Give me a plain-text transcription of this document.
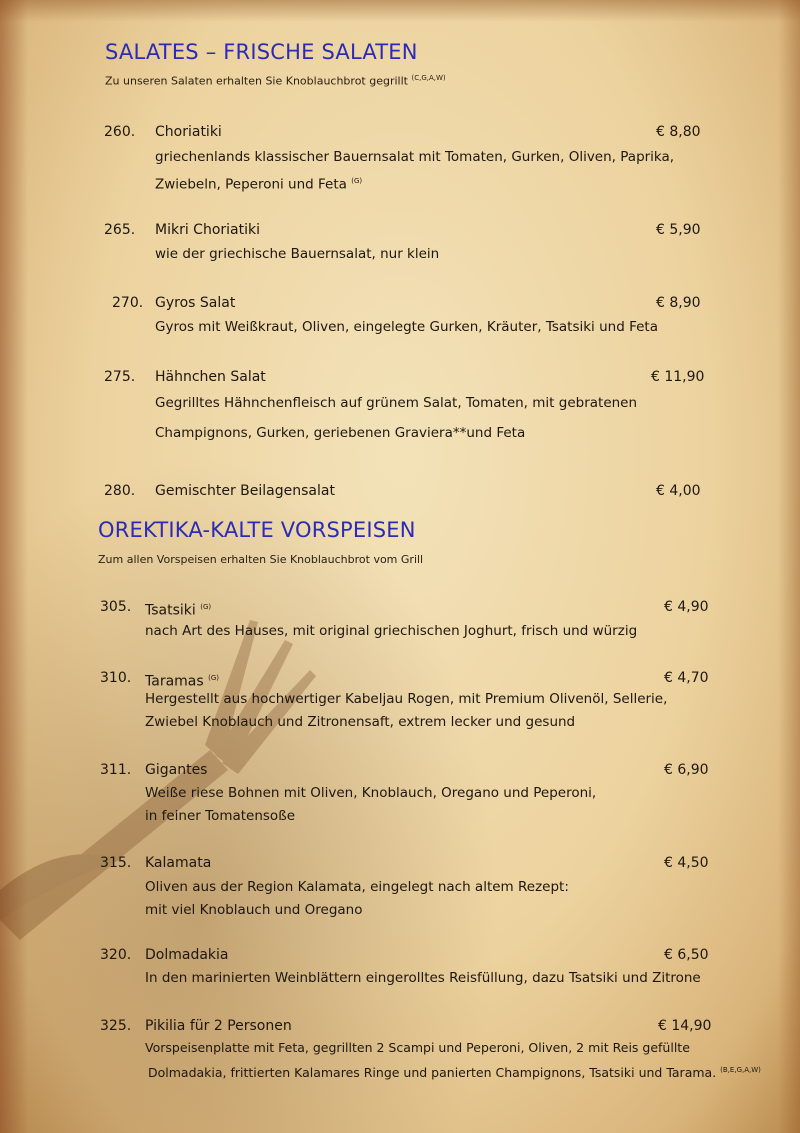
SALATES – FRISCHE SALATEN

Zu unseren Salaten erhalten Sie Knoblauchbrot gegrillt $^{(C,G,A,W)}$

260. Choriatiki	€ 8,80
griechenlands klassischer Bauernsalat mit Tomaten, Gurken, Oliven, Paprika,
Zwiebeln, Peperoni und Feta $^{(G)}$
265. Mikri Choriatiki	€ 5,90
wie der griechische Bauernsalat, nur klein
270. Gyros Salat	€ 8,90
Gyros mit Weißkraut, Oliven, eingelegte Gurken, Kräuter, Tsatsiki und Feta
275. Hähnchen Salat	€ 11,90
Gegrilltes Hähnchenfleisch auf grünem Salat, Tomaten, mit gebratenen
Champignons, Gurken, geriebenen Graviera**und Feta
280. Gemischter Beilagensalat	€ 4,00
OREKTIKA-KALTE VORSPEISEN

Zum allen Vorspeisen erhalten Sie Knoblauchbrot vom Grill

305. Tsatsiki $^{(G)}$	€ 4,90
nach Art des Hauses, mit original griechischen Joghurt, frisch und würzig
310. Taramas $^{(G)}$	€ 4,70
Hergestellt aus hochwertiger Kabeljau Rogen, mit Premium Olivenöl, Sellerie,
Zwiebel Knoblauch und Zitronensaft, extrem lecker und gesund
311. Gigantes	€ 6,90
Weiße riese Bohnen mit Oliven, Knoblauch, Oregano und Peperoni,
in feiner Tomatensoße
315. Kalamata	€ 4,50
Oliven aus der Region Kalamata, eingelegt nach altem Rezept:
mit viel Knoblauch und Oregano
320. Dolmadakia	€ 6,50
In den marinierten Weinblättern eingerolltes Reisfüllung, dazu Tsatsiki und Zitrone
325. Pikilia für 2 Personen	€ 14,90
Vorspeisenplatte mit Feta, gegrillten 2 Scampi und Peperoni, Oliven, 2 mit Reis gefüllte
Dolmadakia, frittierten Kalamares Ringe und panierten Champignons, Tsatsiki und Tarama. $^{(B,E,G,A,W)}$
